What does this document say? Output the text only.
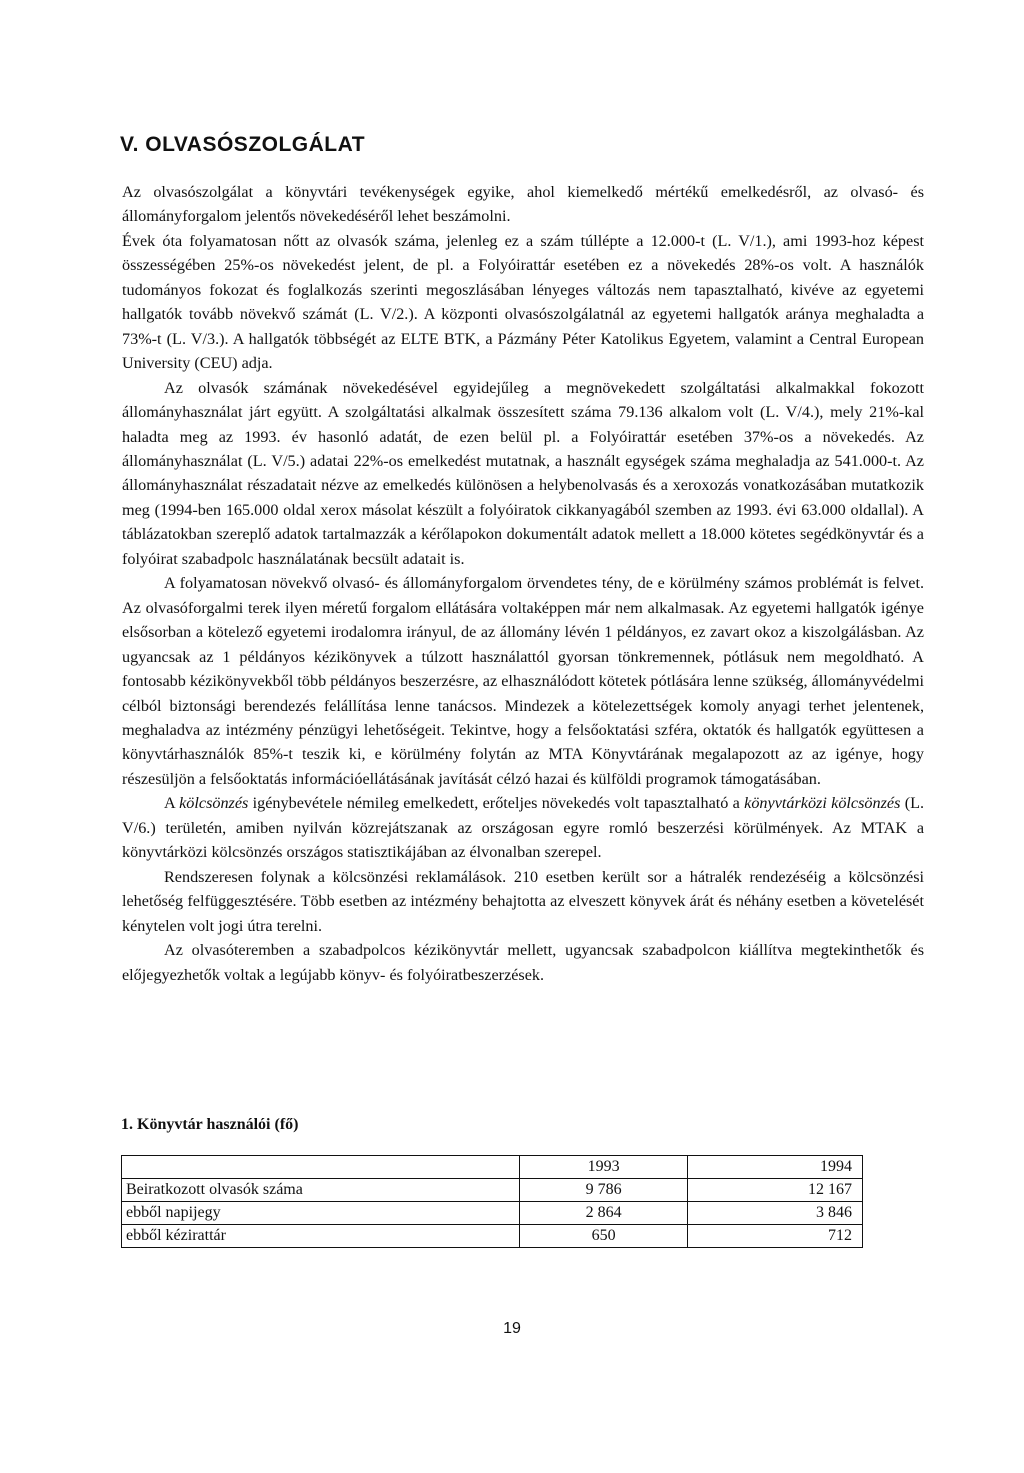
V. OLVASÓSZOLGÁLAT

Az olvasószolgálat a könyvtári tevékenységek egyike, ahol kiemelkedő mértékű emelkedésről, az olvasó- és állományforgalom jelentős növekedéséről lehet beszámolni.

Évek óta folyamatosan nőtt az olvasók száma, jelenleg ez a szám túllépte a 12.000-t (L. V/1.), ami 1993-hoz képest összességében 25%-os növekedést jelent, de pl. a Folyóirattár esetében ez a növekedés 28%-os volt. A használók tudományos fokozat és foglalkozás szerinti megoszlásában lényeges változás nem tapasztalható, kivéve az egyetemi hallgatók tovább növekvő számát (L. V/2.). A központi olvasószolgálatnál az egyetemi hallgatók aránya meghaladta a 73%-t (L. V/3.). A hallgatók többségét az ELTE BTK, a Pázmány Péter Katolikus Egyetem, valamint a Central European University (CEU) adja.

Az olvasók számának növekedésével egyidejűleg a megnövekedett szolgáltatási alkalmakkal fokozott állományhasználat járt együtt. A szolgáltatási alkalmak összesített száma 79.136 alkalom volt (L. V/4.), mely 21%-kal haladta meg az 1993. év hasonló adatát, de ezen belül pl. a Folyóirattár esetében 37%-os a növekedés. Az állományhasználat (L. V/5.) adatai 22%-os emelkedést mutatnak, a használt egységek száma meghaladja az 541.000-t. Az állományhasználat részadatait nézve az emelkedés különösen a helybenolvasás és a xeroxozás vonatkozásában mutatkozik meg (1994-ben 165.000 oldal xerox másolat készült a folyóiratok cikkanyagából szemben az 1993. évi 63.000 oldallal). A táblázatokban szereplő adatok tartalmazzák a kérőlapokon dokumentált adatok mellett a 18.000 kötetes segédkönyvtár és a folyóirat szabadpolc használatának becsült adatait is.

A folyamatosan növekvő olvasó- és állományforgalom örvendetes tény, de e körülmény számos problémát is felvet. Az olvasóforgalmi terek ilyen méretű forgalom ellátására voltaképpen már nem alkalmasak. Az egyetemi hallgatók igénye elsősorban a kötelező egyetemi irodalomra irányul, de az állomány lévén 1 példányos, ez zavart okoz a kiszolgálásban. Az ugyancsak az 1 példányos kézikönyvek a túlzott használattól gyorsan tönkremennek, pótlásuk nem megoldható. A fontosabb kézikönyvekből több példányos beszerzésre, az elhasználódott kötetek pótlására lenne szükség, állományvédelmi célból biztonsági berendezés felállítása lenne tanácsos. Mindezek a kötelezettségek komoly anyagi terhet jelentenek, meghaladva az intézmény pénzügyi lehetőségeit. Tekintve, hogy a felsőoktatási szféra, oktatók és hallgatók együttesen a könyvtárhasználók 85%-t teszik ki, e körülmény folytán az MTA Könyvtárának megalapozott az az igénye, hogy részesüljön a felsőoktatás információellátásának javítását célzó hazai és külföldi programok támogatásában.

A kölcsönzés igénybevétele némileg emelkedett, erőteljes növekedés volt tapasztalható a könyvtárközi kölcsönzés (L. V/6.) területén, amiben nyilván közrejátszanak az országosan egyre romló beszerzési körülmények. Az MTAK a könyvtárközi kölcsönzés országos statisztikájában az élvonalban szerepel.

Rendszeresen folynak a kölcsönzési reklamálások. 210 esetben került sor a hátralék rendezéséig a kölcsönzési lehetőség felfüggesztésére. Több esetben az intézmény behajtotta az elveszett könyvek árát és néhány esetben a követelését kénytelen volt jogi útra terelni.

Az olvasóteremben a szabadpolcos kézikönyvtár mellett, ugyancsak szabadpolcon kiállítva megtekinthetők és előjegyezhetők voltak a legújabb könyv- és folyóiratbeszerzések.

1. Könyvtár használói (fő)

	1993	1994
Beiratkozott olvasók száma	9 786	12 167
ebből napijegy	2 864	3 846
ebből kézirattár	650	712

19
